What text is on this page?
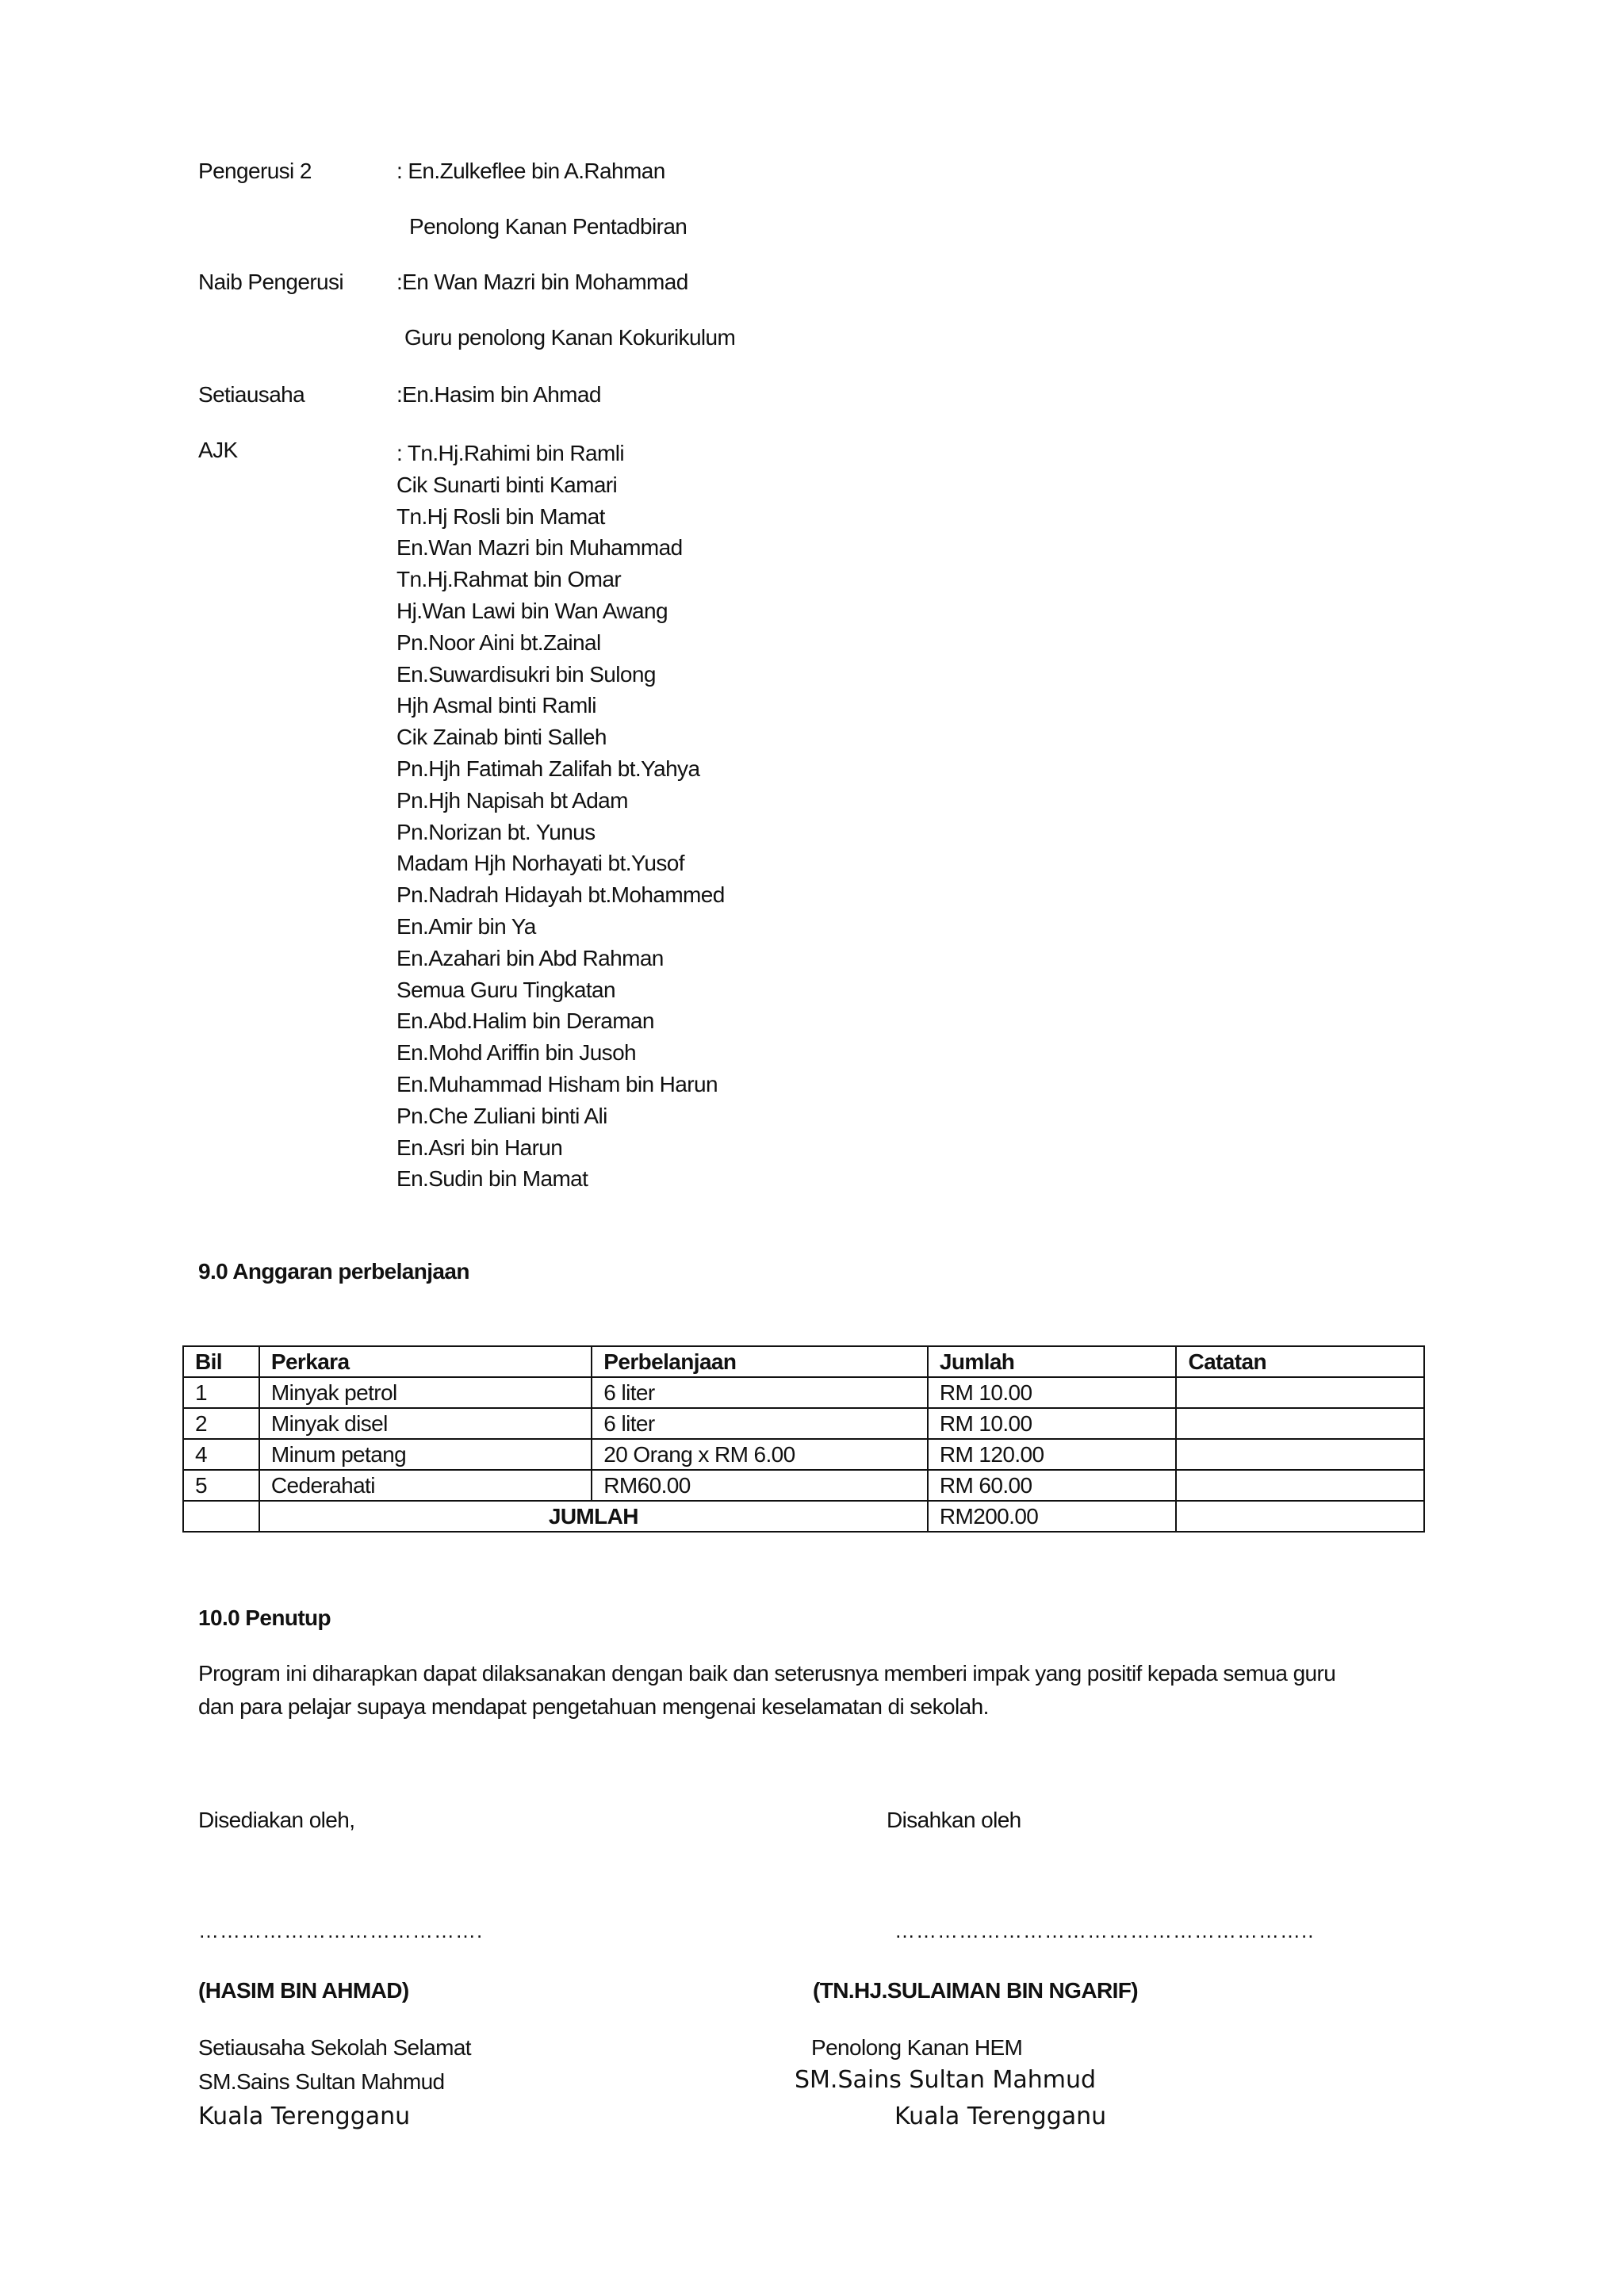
Pengerusi 2	: En.Zulkeflee bin A.Rahman
Penolong Kanan Pentadbiran
Naib Pengerusi :En Wan Mazri bin Mohammad
Guru penolong Kanan Kokurikulum
Setiausaha	:En.Hasim bin Ahmad
AJK	: Tn.Hj.Rahimi bin Ramli
Cik Sunarti binti Kamari
Tn.Hj Rosli bin Mamat
En.Wan Mazri bin Muhammad
Tn.Hj.Rahmat bin Omar
Hj.Wan Lawi bin Wan Awang
Pn.Noor Aini bt.Zainal
En.Suwardisukri bin Sulong
Hjh Asmal binti Ramli
Cik Zainab binti Salleh
Pn.Hjh Fatimah Zalifah bt.Yahya
Pn.Hjh Napisah bt Adam
Pn.Norizan bt. Yunus
Madam Hjh Norhayati bt.Yusof
Pn.Nadrah Hidayah bt.Mohammed
En.Amir bin Ya
En.Azahari bin Abd Rahman
Semua Guru Tingkatan
En.Abd.Halim bin Deraman
En.Mohd Ariffin bin Jusoh
En.Muhammad Hisham bin Harun
Pn.Che Zuliani binti Ali
En.Asri bin Harun
En.Sudin bin Mamat
9.0 Anggaran perbelanjaan
Bil	Perkara	Perbelanjaan	Jumlah	Catatan
1	Minyak petrol	6 liter	RM 10.00	
2	Minyak disel	6 liter	RM 10.00	
4	Minum petang	20 Orang x RM 6.00	RM 120.00	
5	Cederahati	RM60.00	RM 60.00	
	JUMLAH		RM200.00	
10.0 Penutup
Program ini diharapkan dapat dilaksanakan dengan baik dan seterusnya memberi impak yang positif kepada semua guru
dan para pelajar supaya mendapat pengetahuan mengenai keselamatan di sekolah.
Disediakan oleh,	Disahkan oleh
………………………………….	…………………………………………………..
(HASIM BIN AHMAD)	(TN.HJ.SULAIMAN BIN NGARIF)
Setiausaha Sekolah Selamat	Penolong Kanan HEM
SM.Sains Sultan Mahmud	SM.Sains Sultan Mahmud
Kuala Terengganu	Kuala Terengganu
